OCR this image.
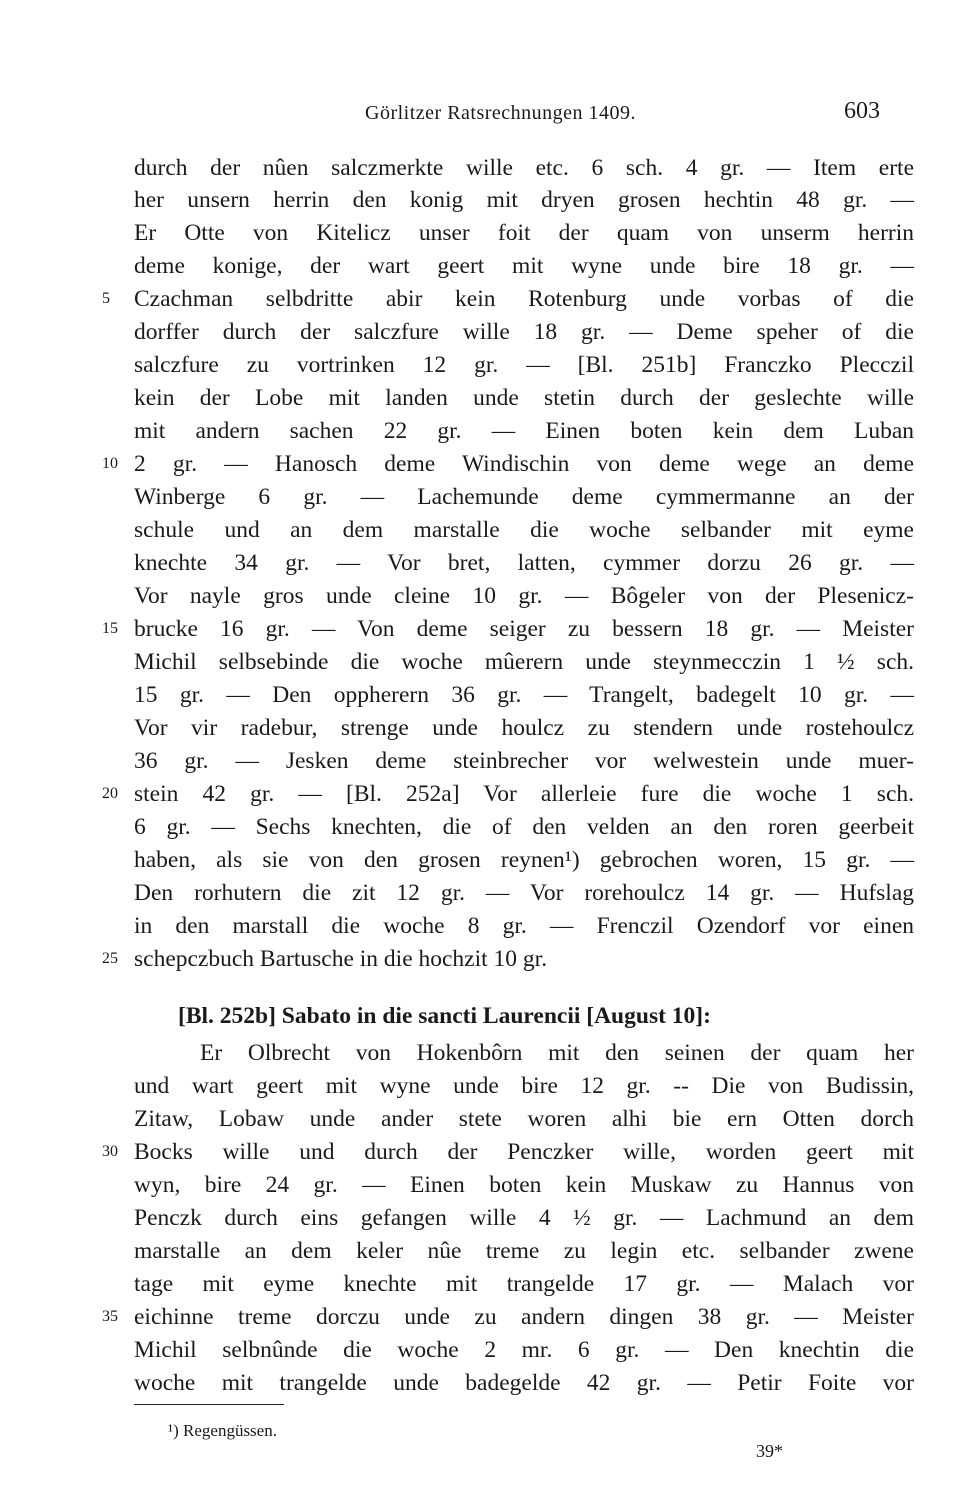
Görlitzer Ratsrechnungen 1409.	603
durch der nûen salczmerkte wille etc. 6 sch. 4 gr. — Item erte
her unsern herrin den konig mit dryen grosen hechtin 48 gr. —
Er Otte von Kitelicz unser foit der quam von unserm herrin
deme konige, der wart geert mit wyne unde bire 18 gr. —
Czachman selbdritte abir kein Rotenburg unde vorbas of die
dorffer durch der salczfure wille 18 gr. — Deme speher of die
salczfure zu vortrinken 12 gr. — [Bl. 251b] Franczko Plecczil
kein der Lobe mit landen unde stetin durch der geslechte wille
mit andern sachen 22 gr. — Einen boten kein dem Luban
2 gr. — Hanosch deme Windischin von deme wege an deme
Winberge 6 gr. — Lachemunde deme cymmermanne an der
schule und an dem marstalle die woche selbander mit eyme
knechte 34 gr. — Vor bret, latten, cymmer dorzu 26 gr. —
Vor nayle gros unde cleine 10 gr. — Bôgeler von der Plesenicz-
brucke 16 gr. — Von deme seiger zu bessern 18 gr. — Meister
Michil selbsebinde die woche mûerern unde steynmecczin 1 ½ sch.
15 gr. — Den oppherern 36 gr. — Trangelt, badegelt 10 gr. —
Vor vir radebur, strenge unde houlcz zu stendern unde rostehoulcz
36 gr. — Jesken deme steinbrecher vor welwestein unde muer-
stein 42 gr. — [Bl. 252a] Vor allerleie fure die woche 1 sch.
6 gr. — Sechs knechten, die of den velden an den roren geerbeit
haben, als sie von den grosen reynen¹) gebrochen woren, 15 gr. —
Den rorhutern die zit 12 gr. — Vor rorehoulcz 14 gr. — Hufslag
in den marstall die woche 8 gr. — Frenczil Ozendorf vor einen
schepczbuch Bartusche in die hochzit 10 gr.
[Bl. 252b] Sabato in die sancti Laurencii [August 10]:
Er Olbrecht von Hokenbôrn mit den seinen der quam her
und wart geert mit wyne unde bire 12 gr. -- Die von Budissin,
Zitaw, Lobaw unde ander stete woren alhi bie ern Otten dorch
Bocks wille und durch der Penczker wille, worden geert mit
wyn, bire 24 gr. — Einen boten kein Muskaw zu Hannus von
Penczk durch eins gefangen wille 4 ½ gr. — Lachmund an dem
marstalle an dem keler nûe treme zu legin etc. selbander zwene
tage mit eyme knechte mit trangelde 17 gr. — Malach vor
eichinne treme dorczu unde zu andern dingen 38 gr. — Meister
Michil selbnûnde die woche 2 mr. 6 gr. — Den knechtin die
woche mit trangelde unde badegelde 42 gr. — Petir Foite vor
5
10
15
20
25
30
35
¹) Regengüssen.
39*
